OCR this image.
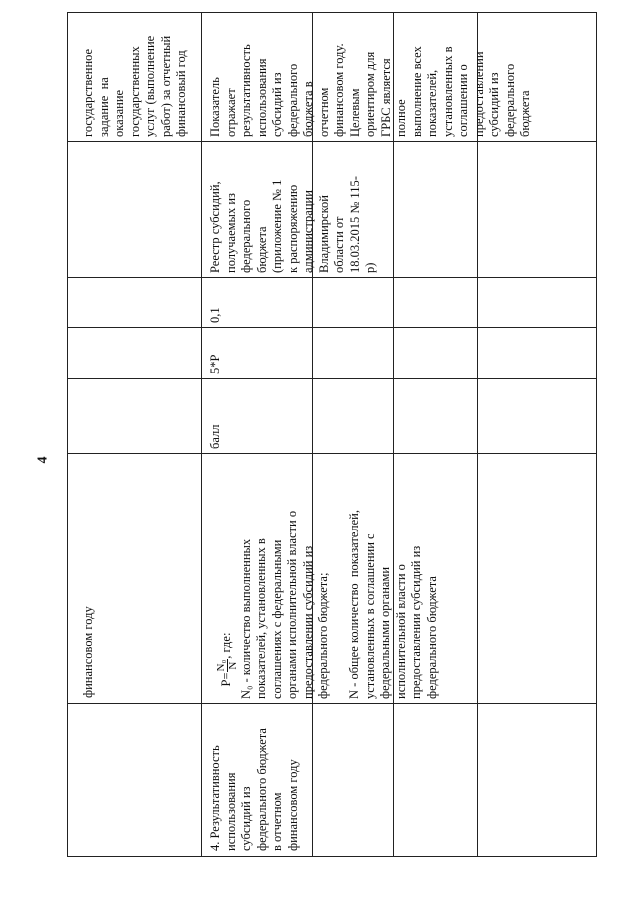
4
финансовом году
государственное
задание  на
оказание
государственных
услуг (выполнение
работ) за отчетный
финансовый год
4. Результативность
использования
субсидий из
федерального бюджета
в отчетном
финансовом году

P=
N₀ N
, где:
N₀ - количество выполненных
показателей, установленных в
соглашениях с федеральными
органами исполнительной власти о
предоставлении субсидий из
федерального бюджета;

N - общее количество  показателей,
установленных в соглашении с
федеральными органами
исполнительной власти о
предоставлении субсидий из
федерального бюджета

балл
5*P
0,1
Реестр субсидий,
получаемых из
федерального
бюджета
(приложение № 1
к распоряжению
администрации
Владимирской
области от
18.03.2015 № 115-
р)
Показатель
отражает
результативность
использования
субсидий из
федерального
бюджета в
отчетном
финансовом году.
Целевым
ориентиром для
ГРБС является
полное
выполнение всех
показателей,
установленных в
соглашении о
предоставлении
субсидий из
федерального
бюджета
